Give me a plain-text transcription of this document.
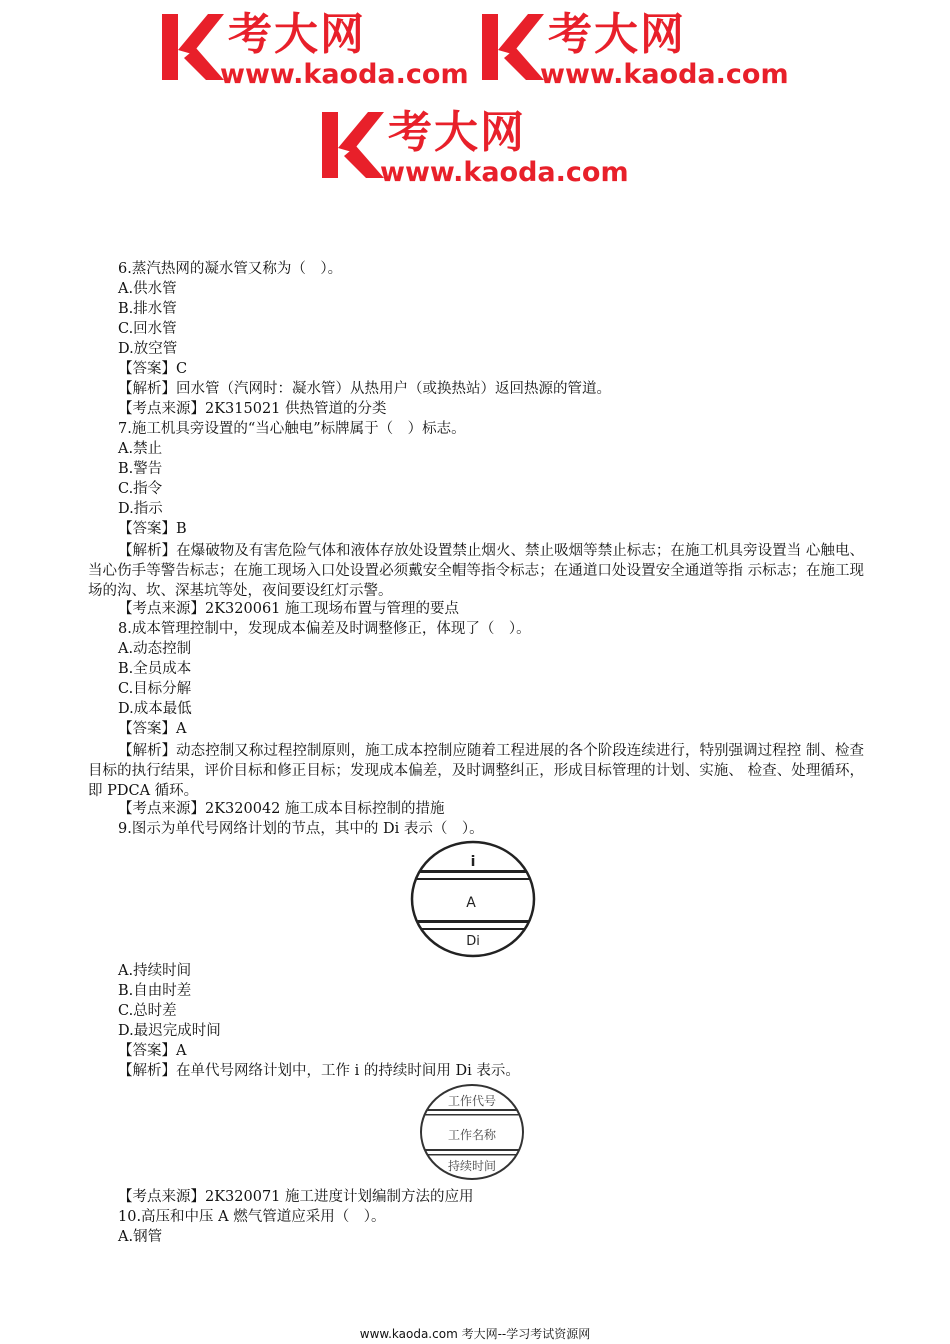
考大网
www.kaoda.com
考大网
www.kaoda.com
考大网
www.kaoda.com
6.蒸汽热网的凝水管又称为（　）。
A.供水管
B.排水管
C.回水管
D.放空管
【答案】C
【解析】回水管（汽网时：凝水管）从热用户（或换热站）返回热源的管道。
【考点来源】2K315021 供热管道的分类
7.施工机具旁设置的“当心触电”标牌属于（　）标志。
A.禁止
B.警告
C.指令
D.指示
【答案】B
【解析】在爆破物及有害危险气体和液体存放处设置禁止烟火、禁止吸烟等禁止标志；在施工机具旁设置当 心触电、当心伤手等警告标志；在施工现场入口处设置必须戴安全帽等指令标志；在通道口处设置安全通道等指 示标志；在施工现场的沟、坎、深基坑等处，夜间要设红灯示警。
【考点来源】2K320061 施工现场布置与管理的要点
8.成本管理控制中，发现成本偏差及时调整修正，体现了（　）。
A.动态控制
B.全员成本
C.目标分解
D.成本最低
【答案】A
【解析】动态控制又称过程控制原则，施工成本控制应随着工程进展的各个阶段连续进行，特别强调过程控 制、检查目标的执行结果，评价目标和修正目标；发现成本偏差，及时调整纠正，形成目标管理的计划、实施、 检查、处理循环，即 PDCA 循环。
【考点来源】2K320042 施工成本目标控制的措施
9.图示为单代号网络计划的节点，其中的 Di 表示（　）。
i
A
Di
A.持续时间
B.自由时差
C.总时差
D.最迟完成时间
【答案】A
【解析】在单代号网络计划中，工作 i 的持续时间用 Di 表示。
工作代号
工作名称
持续时间
【考点来源】2K320071 施工进度计划编制方法的应用
10.高压和中压 A 燃气管道应采用（　）。
A.钢管
www.kaoda.com 考大网--学习考试资源网
